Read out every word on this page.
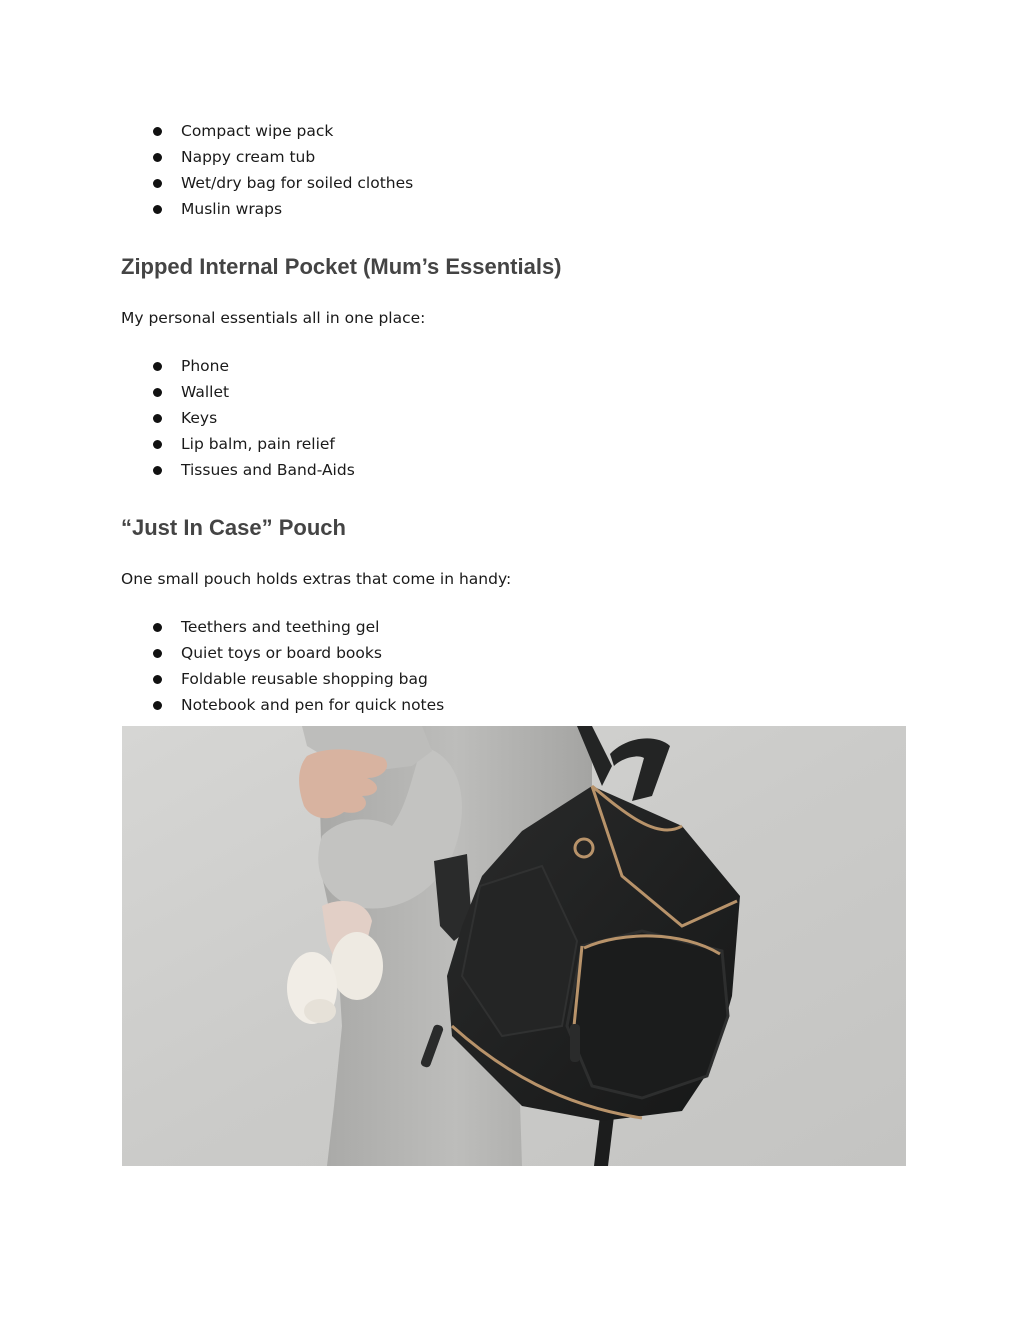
Compact wipe pack
Nappy cream tub
Wet/dry bag for soiled clothes
Muslin wraps
Zipped Internal Pocket (Mum’s Essentials)

My personal essentials all in one place:

Phone
Wallet
Keys
Lip balm, pain relief
Tissues and Band-Aids
“Just In Case” Pouch

One small pouch holds extras that come in handy:

Teethers and teething gel
Quiet toys or board books
Foldable reusable shopping bag
Notebook and pen for quick notes
